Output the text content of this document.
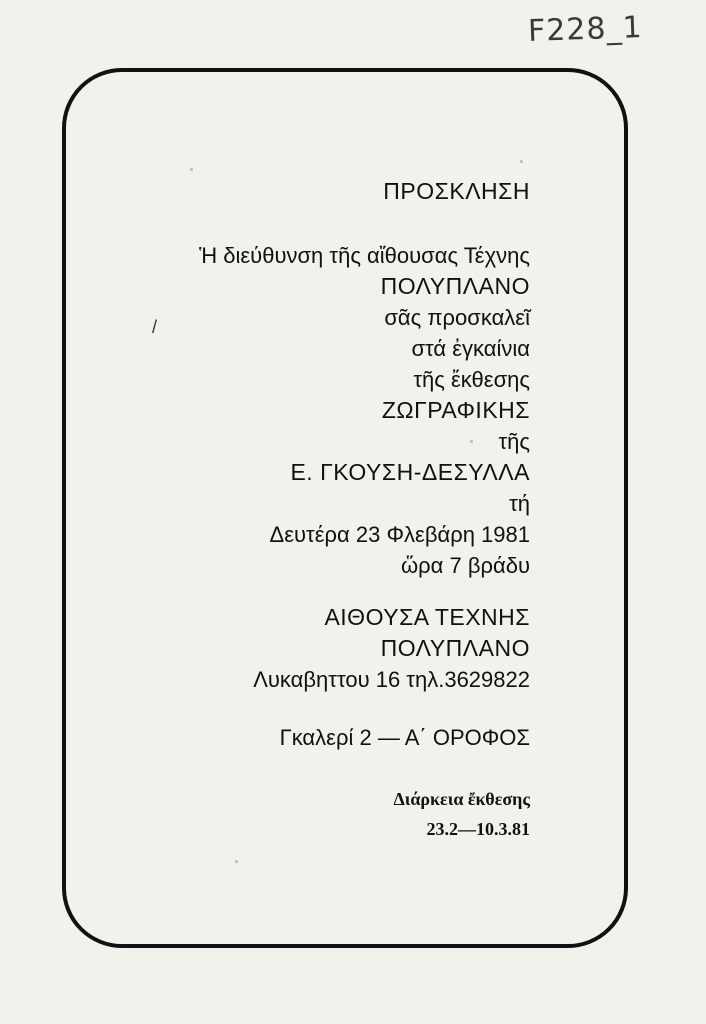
F228_1
/
ΠΡΟΣΚΛΗΣΗ
Ἡ διεύθυνση τῆς αἴθουσας Τέχνης
ΠΟΛΥΠΛΑΝΟ
σᾶς προσκαλεῖ
στά ἐγκαίνια
τῆς ἔκθεσης
ΖΩΓΡΑΦΙΚΗΣ
τῆς
Ε. ΓΚΟΥΣΗ-ΔΕΣΥΛΛΑ
τή
Δευτέρα 23 Φλεβάρη 1981
ὥρα 7 βράδυ
ΑΙΘΟΥΣΑ ΤΕΧΝΗΣ
ΠΟΛΥΠΛΑΝΟ
Λυκαβηττου 16 τηλ.3629822
Γκαλερί 2 — Α΄ ΟΡΟΦΟΣ
Διάρκεια ἔκθεσης
23.2—10.3.81
